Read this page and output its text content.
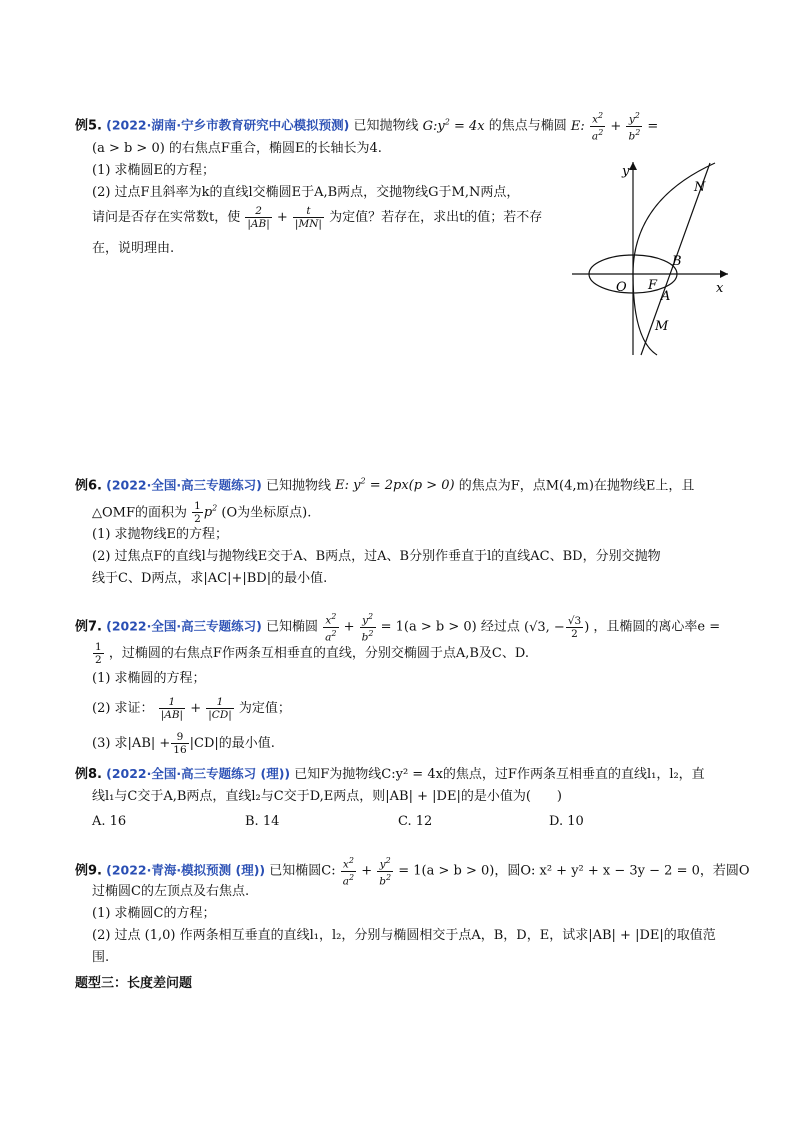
例5. (2022·湖南·宁乡市教育研究中心模拟预测) 已知抛物线 $G:y^2 = 4x$ 的焦点与椭圆 E: $\frac{x^2}{a^2} + \frac{y^2}{b^2}$ =
(a > b > 0) 的右焦点F重合，椭圆E的长轴长为4.
(1) 求椭圆E的方程；
(2) 过点F且斜率为k的直线l交椭圆E于A,B两点，交抛物线G于M,N两点，
请问是否存在实常数t，使 $\frac{2}{|AB|} + \frac{t}{|MN|}$ 为定值？若存在，求出t的值；若不存
在，说明理由.
y
x
O F
A
B
M
N
例6. (2022·全国·高三专题练习) 已知抛物线 E: $y^2 = 2px(p > 0)$ 的焦点为F，点M(4,m)在抛物线E上，且
△OMF的面积为 $\frac{1}{2} p^2$ (O为坐标原点).
(1) 求抛物线E的方程；
(2) 过焦点F的直线l与抛物线E交于A、B两点，过A、B分别作垂直于l的直线AC、BD，分别交抛物
线于C、D两点，求|AC|+|BD|的最小值.
例7. (2022·全国·高三专题练习) 已知椭圆 $\frac{x^2}{a^2} + \frac{y^2}{b^2} = 1(a > b > 0)$ 经过点 (√3, − $\frac{√3}{2}$ ) ，且椭圆的离心率e =
$\frac{1}{2}$ ，过椭圆的右焦点F作两条互相垂直的直线，分别交椭圆于点A,B及C、D.
(1) 求椭圆的方程；
(2) 求证： $\frac{1}{|AB|} + \frac{1}{|CD|}$ 为定值；
(3) 求$|AB| + \frac{9}{16} |CD|$的最小值.
例8. (2022·全国·高三专题练习 (理)) 已知F为抛物线C:y² = 4x的焦点，过F作两条互相垂直的直线l₁，l₂，直
线l₁与C交于A,B两点，直线l₂与C交于D,E两点，则|AB| + |DE|的是小值为(　　)
A. 16	B. 14	C. 12	D. 10
例9. (2022·青海·模拟预测 (理)) 已知椭圆C: $\frac{x^2}{a^2} + \frac{y^2}{b^2} = 1(a > b > 0)$，圆O: x² + y² + x − 3y − 2 = 0，若圆O
过椭圆C的左顶点及右焦点.
(1) 求椭圆C的方程；
(2) 过点 (1,0) 作两条相互垂直的直线l₁，l₂，分别与椭圆相交于点A，B，D，E，试求|AB| + |DE|的取值范
围.
题型三：长度差问题
